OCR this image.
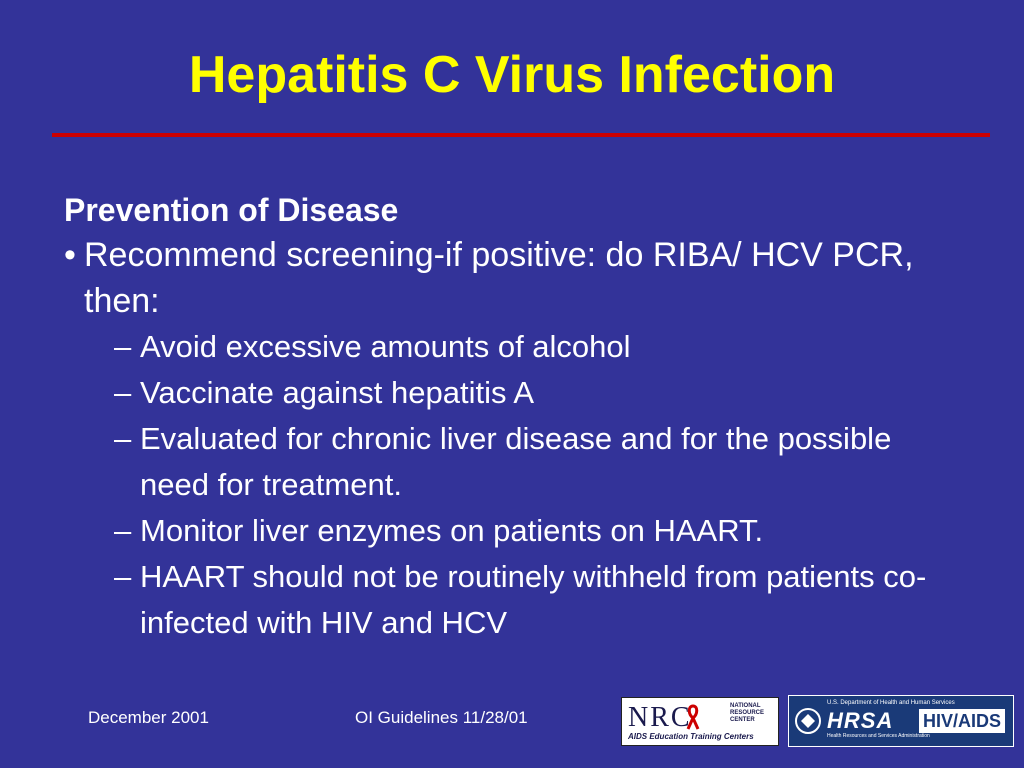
Hepatitis C Virus Infection

Prevention of Disease

• Recommend screening-if positive: do RIBA/ HCV PCR, then:

– Avoid excessive amounts of alcohol
– Vaccinate against hepatitis A
– Evaluated for chronic liver disease and for the possible need for treatment.
– Monitor liver enzymes on patients on HAART.
– HAART should not be routinely withheld from patients co-infected with HIV and HCV
December 2001	OI Guidelines 11/28/01	NRC	NATIONAL RESOURCE CENTER
AIDS Education Training Centers
U.S. Department of Health and Human Services
HRSA
Health Resources and Services Administration
HIV/AIDS
